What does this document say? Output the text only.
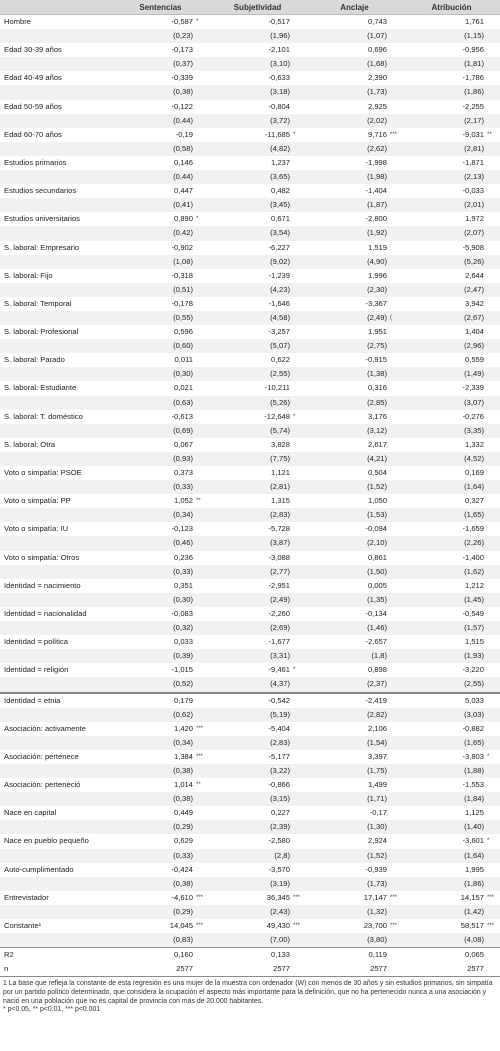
	Sentencias		Subjetividad		Anclaje		Atribución	
Hombre	-0,587	*	-0,517		0,743		1,761	
	(0,23)		(1,96)		(1,07)		(1,15)	
Edad 30-39 años	-0,173		-2,101		0,696		-0,956	
	(0,37)		(3,10)		(1,68)		(1,81)	
Edad 40-49 años	-0,339		-0,633		2,390		-1,786	
	(0,38)		(3,18)		(1,73)		(1,86)	
Edad 50-59 años	-0,122		-0,804		2,925		-2,255	
	(0,44)		(3,72)		(2,02)		(2,17)	
Edad 60-70 años	-0,19		-11,685	*	9,716	***	-9,031	**
	(0,58)		(4,82)		(2,62)		(2,81)	
Estudios primarios	0,146		1,237		-1,998		-1,871	
	(0,44)		(3,65)		(1,98)		(2,13)	
Estudios secundarios	0,447		0,482		-1,404		-0,033	
	(0,41)		(3,45)		(1,87)		(2,01)	
Estudios universitarios	0,890	*	0,671		-2,800		1,972	
	(0,42)		(3,54)		(1,92)		(2,07)	
S. laboral: Empresario	-0,902		-6,227		1,519		-5,908	
	(1,08)		(9,02)		(4,90)		(5,26)	
S. laboral: Fijo	-0,318		-1,239		1,996		2,644	
	(0,51)		(4,23)		(2,30)		(2,47)	
S. laboral: Temporal	-0,178		-1,646		-3,367		3,942	
	(0,55)		(4,58)		(2,49)	(	(2,67)	
S. laboral: Profesional	0,596		-3,257		1,951		1,404	
	(0,60)		(5,07)		(2,75)		(2,96)	
S. laboral: Parado	0,011		0,622		-0,915		0,559	
	(0,30)		(2,55)		(1,38)		(1,49)	
S. laboral: Estudiante	0,021		-10,211		0,316		-2,339	
	(0,63)		(5,26)		(2,85)		(3,07)	
S. laboral: T. doméstico	-0,613		-12,648	*	3,176		-0,276	
	(0,69)		(5,74)		(3,12)		(3,35)	
S. laboral: Otra	0,067		3,828		2,617		1,332	
	(0,93)		(7,75)		(4,21)		(4,52)	
Voto o simpatía: PSOE	0,373		1,121		0,504		0,169	
	(0,33)		(2,81)		(1,52)		(1,64)	
Voto o simpatía: PP	1,052	**	1,315		1,050		0,327	
	(0,34)		(2,83)		(1,53)		(1,65)	
Voto o simpatía: IU	-0,123		-5,728		-0,094		-1,659	
	(0,46)		(3,87)		(2,10)		(2,26)	
Voto o simpatía: Otros	0,236		-3,088		0,861		-1,400	
	(0,33)		(2,77)		(1,50)		(1,62)	
Identidad = nacimiento	0,351		-2,951		0,005		1,212	
	(0,30)		(2,49)		(1,35)		(1,45)	
Identidad = nacionalidad	-0,083		-2,260		-0,134		-0,549	
	(0,32)		(2,69)		(1,46)		(1,57)	
Identidad = política	0,033		-1,677		-2,657		1,515	
	(0,39)		(3,31)		(1,8)		(1,93)	
Identidad = religión	-1,015		-9,461	*	0,898		-3,220	
	(0,52)		(4,37)		(2,37)		(2,55)	
Identidad = etnia	0,179		-0,542		-2,419		5,033	
	(0,62)		(5,19)		(2,82)		(3,03)	
Asociación: activamente	1,420	***	-5,404		2,106		-0,882	
	(0,34)		(2,83)		(1,54)		(1,65)	
Asociación: pertenece	1,384	***	-5,177		3,397		-3,803	*
	(0,38)		(3,22)		(1,75)		(1,88)	
Asociación: perteneció	1,014	**	-0,866		1,499		-1,553	
	(0,38)		(3,15)		(1,71)		(1,84)	
Nace en capital	0,449		0,227		-0,17		1,125	
	(0,29)		(2,39)		(1,30)		(1,40)	
Nace en pueblo pequeño	0,629		-2,580		2,924		-3,601	*
	(0,33)		(2,8)		(1,52)		(1,64)	
Auto-cumplimentado	-0,424		-3,570		-0,939		1,995	
	(0,38)		(3,19)		(1,73)		(1,86)	
Entrevistador	-4,610	***	36,345	***	17,147	***	14,157	***
	(0,29)		(2,43)		(1,32)		(1,42)	
Constante¹	14,045	***	49,430	***	23,700	***	58,517	***
	(0,83)		(7,00)		(3,80)		(4,08)	
R2	0,160		0,133		0,119		0,065	
n	2577		2577		2577		2577	

1 La base que refleja la constante de esta regresión es una mujer de la muestra con ordenador (W) con menos de 30 años y sin estudios primarios, sin simpatía por un partido político determinado, que considera la ocupación el aspecto más importante para la definición, que no ha pertenecido nunca a una asociación y nació en una población que no es capital de provincia con más de 20.000 habitantes.

* p<0.05, ** p<0.01, *** p<0.001
